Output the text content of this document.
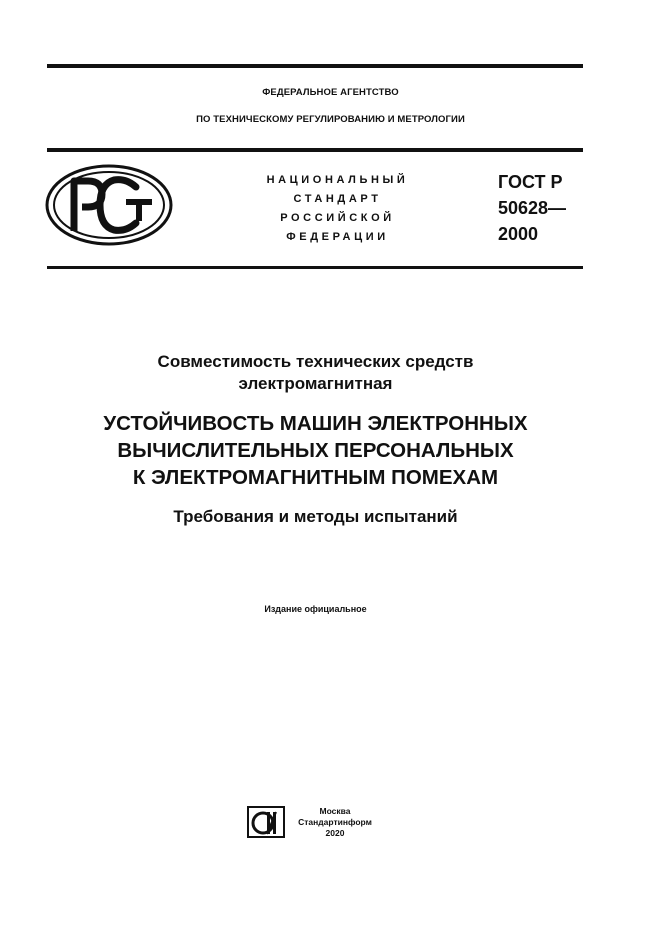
ФЕДЕРАЛЬНОЕ АГЕНТСТВО
ПО ТЕХНИЧЕСКОМУ РЕГУЛИРОВАНИЮ И МЕТРОЛОГИИ
НАЦИОНАЛЬНЫЙ
СТАНДАРТ
РОССИЙСКОЙ
ФЕДЕРАЦИИ
ГОСТ Р
50628—
2000
Совместимость технических средств
электромагнитная
УСТОЙЧИВОСТЬ МАШИН ЭЛЕКТРОННЫХ
ВЫЧИСЛИТЕЛЬНЫХ ПЕРСОНАЛЬНЫХ
К ЭЛЕКТРОМАГНИТНЫМ ПОМЕХАМ
Требования и методы испытаний
Издание официальное
Москва
Стандартинформ
2020
